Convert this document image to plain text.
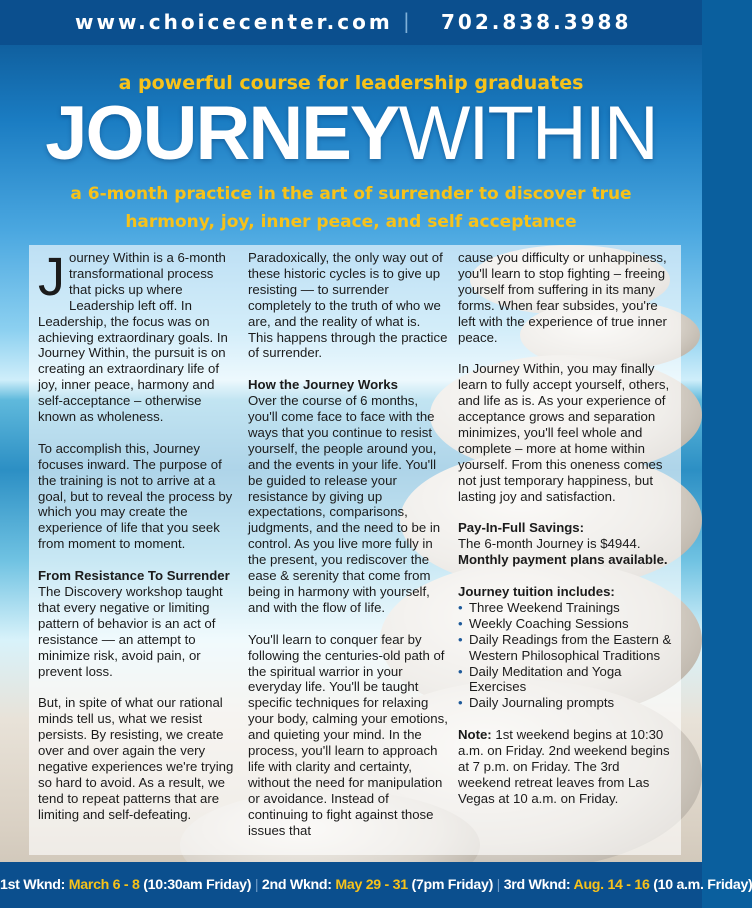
www.choicecenter.com | 702.838.3988
a powerful course for leadership graduates
JOURNEYWITHIN
a 6-month practice in the art of surrender to discover true
harmony, joy, inner peace, and self acceptance

Journey Within is a 6-month transformational process that picks up where Leadership left off. In Leadership, the focus was on achieving extraordinary goals. In Journey Within, the pursuit is on creating an extraordinary life of joy, inner peace, harmony and self-acceptance – otherwise known as wholeness.

To accomplish this, Journey focuses inward. The purpose of the training is not to arrive at a goal, but to reveal the process by which you may create the experience of life that you seek from moment to moment.

From Resistance To Surrender

The Discovery workshop taught that every negative or limiting pattern of behavior is an act of resistance — an attempt to minimize risk, avoid pain, or prevent loss.

But, in spite of what our rational minds tell us, what we resist persists. By resisting, we create over and over again the very negative experiences we're trying so hard to avoid. As a result, we tend to repeat patterns that are limiting and self-defeating.

Paradoxically, the only way out of these historic cycles is to give up resisting — to surrender completely to the truth of who we are, and the reality of what is. This happens through the practice of surrender.

How the Journey Works

Over the course of 6 months, you'll come face to face with the ways that you continue to resist yourself, the people around you, and the events in your life. You'll be guided to release your resistance by giving up expectations, comparisons, judgments, and the need to be in control. As you live more fully in the present, you rediscover the ease & serenity that come from being in harmony with yourself, and with the flow of life.

You'll learn to conquer fear by following the centuries-old path of the spiritual warrior in your everyday life. You'll be taught specific techniques for relaxing your body, calming your emotions, and quieting your mind. In the process, you'll learn to approach life with clarity and certainty, without the need for manipulation or avoidance. Instead of continuing to fight against those issues that

cause you difficulty or unhappiness, you'll learn to stop fighting – freeing yourself from suffering in its many forms. When fear subsides, you're left with the experience of true inner peace.

In Journey Within, you may finally learn to fully accept yourself, others, and life as is. As your experience of acceptance grows and separation minimizes, you'll feel whole and complete – more at home within yourself. From this oneness comes not just temporary happiness, but lasting joy and satisfaction.

Pay-In-Full Savings:
The 6-month Journey is $4944.

Monthly payment plans available.

Journey tuition includes:
• Three Weekend Trainings
• Weekly Coaching Sessions
• Daily Readings from the Eastern & Western Philosophical Traditions
• Daily Meditation and Yoga Exercises
• Daily Journaling prompts

Note: 1st weekend begins at 10:30 a.m. on Friday. 2nd weekend begins at 7 p.m. on Friday. The 3rd weekend retreat leaves from Las Vegas at 10 a.m. on Friday.

1st Wknd: March 6 - 8 (10:30am Friday) | 2nd Wknd: May 29 - 31 (7pm Friday) | 3rd Wknd: Aug. 14 - 16 (10 a.m. Friday)
